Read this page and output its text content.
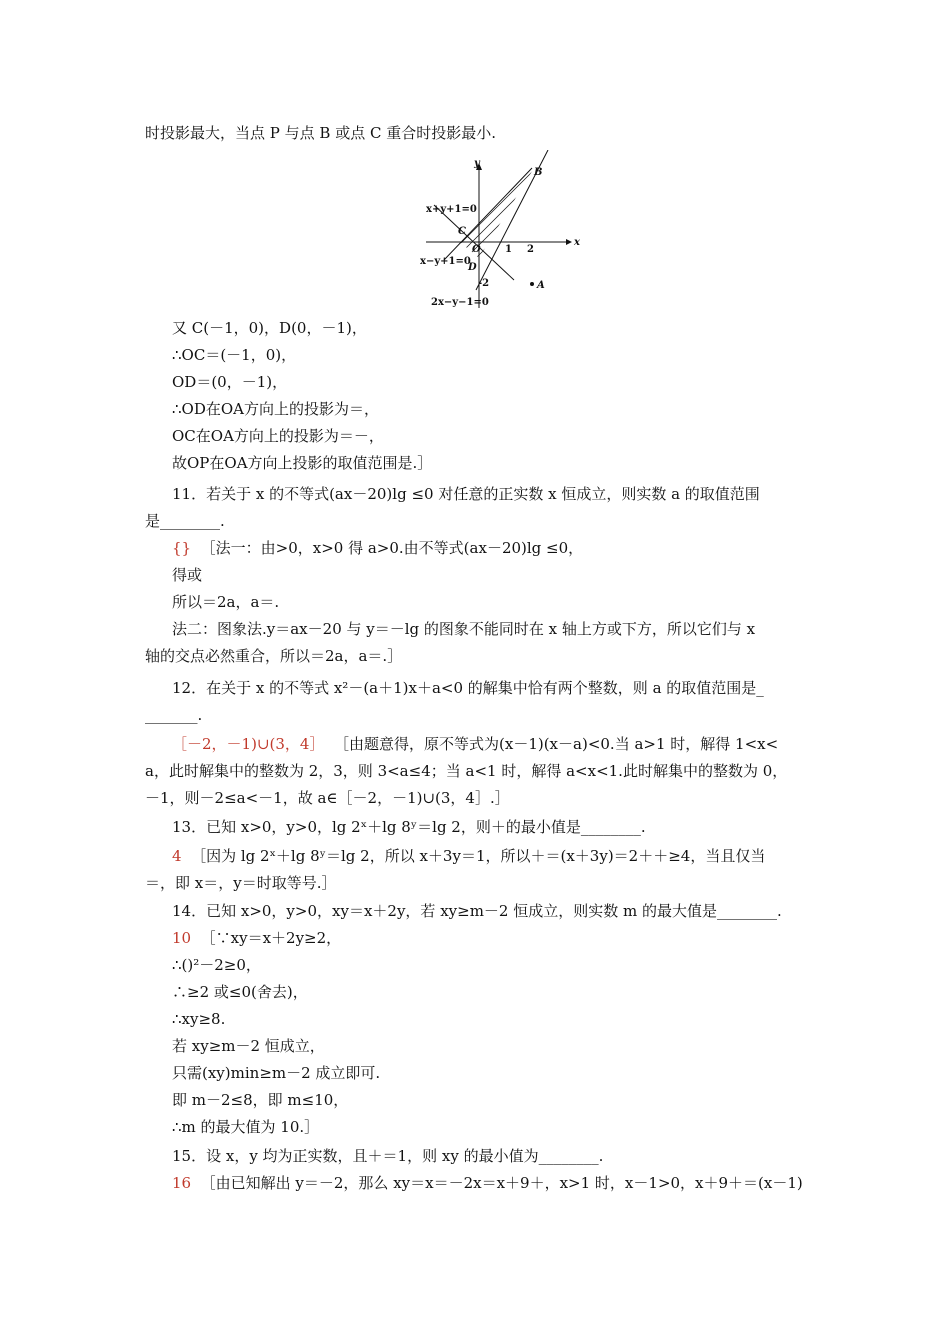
时投影最大，当点 P 与点 B 或点 C 重合时投影最小.
y
x
B
C
O
D
A
1 2
-2
x+y+1=0
x−y+1=0
2x−y−1=0
又 C(－1，0)，D(0，－1)，
∴OC＝(－1，0)，
OD＝(0，－1)，
∴OD在OA方向上的投影为＝，
OC在OA方向上的投影为＝－，
故OP在OA方向上投影的取值范围是.］
11．若关于 x 的不等式(ax－20)lg ≤0 对任意的正实数 x 恒成立，则实数 a 的取值范围
是________.
{} ［法一：由>0，x>0 得 a>0.由不等式(ax－20)lg ≤0，
得或
所以＝2a，a＝.
法二：图象法.y＝ax－20 与 y＝－lg 的图象不能同时在 x 轴上方或下方，所以它们与 x
轴的交点必然重合，所以＝2a，a＝.］
12．在关于 x 的不等式 x²－(a＋1)x＋a<0 的解集中恰有两个整数，则 a 的取值范围是_
_______.
［－2，－1)∪(3，4］ ［由题意得，原不等式为(x－1)(x－a)<0.当 a>1 时，解得 1<x<
a，此时解集中的整数为 2，3，则 3<a≤4；当 a<1 时，解得 a<x<1.此时解集中的整数为 0，
－1，则－2≤a<－1，故 a∈［－2，－1)∪(3，4］.］
13．已知 x>0，y>0，lg 2ˣ＋lg 8ʸ＝lg 2，则＋的最小值是________.
4 ［因为 lg 2ˣ＋lg 8ʸ＝lg 2，所以 x＋3y＝1，所以＋＝(x＋3y)＝2＋＋≥4，当且仅当
＝，即 x＝，y＝时取等号.］
14．已知 x>0，y>0，xy＝x＋2y，若 xy≥m－2 恒成立，则实数 m 的最大值是________.
10 ［∵xy＝x＋2y≥2，
∴()²－2≥0，
∴≥2 或≤0(舍去)，
∴xy≥8.
若 xy≥m－2 恒成立，
只需(xy)min≥m－2 成立即可.
即 m－2≤8，即 m≤10，
∴m 的最大值为 10.］
15．设 x，y 均为正实数，且＋＝1，则 xy 的最小值为________.
16 ［由已知解出 y＝－2，那么 xy＝x＝－2x＝x＋9＋，x>1 时，x－1>0，x＋9＋＝(x－1)
